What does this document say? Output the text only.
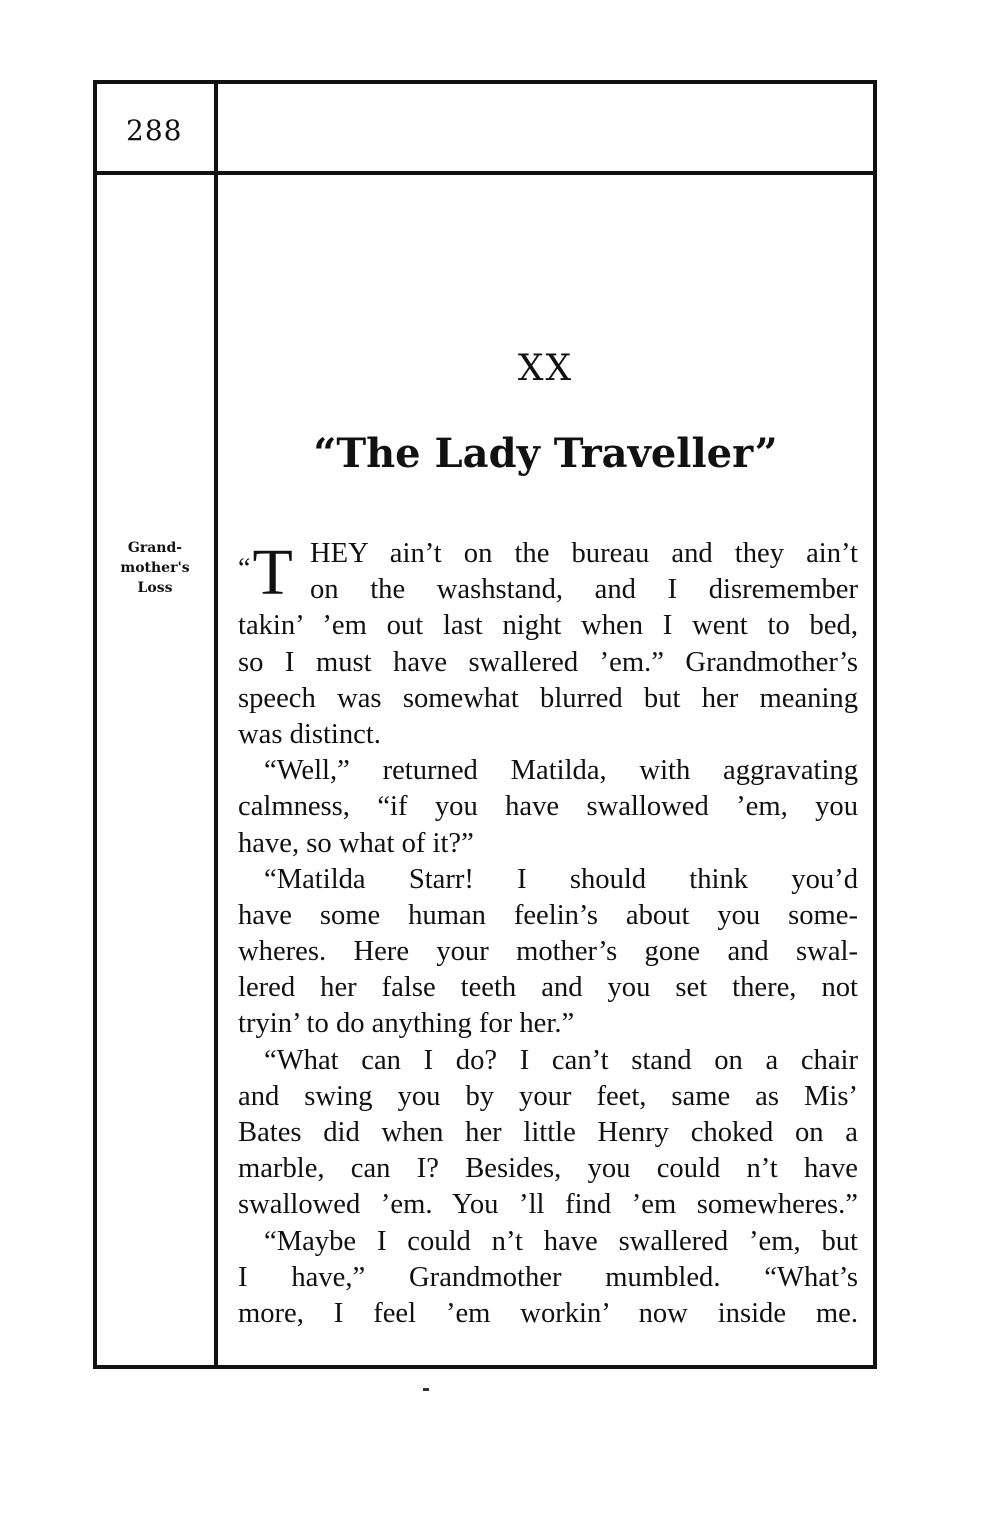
288
Grand-
mother's
Loss
XX
“The Lady Traveller”
“T HEY ain’t on the bureau and they ain’t
on the washstand, and I disremember
takin’ ’em out last night when I went to bed,
so I must have swallered ’em.” Grandmother’s
speech was somewhat blurred but her meaning
was distinct.
“Well,” returned Matilda, with aggravating
calmness, “if you have swallowed ’em, you
have, so what of it?”
“Matilda Starr! I should think you’d
have some human feelin’s about you some-
wheres. Here your mother’s gone and swal-
lered her false teeth and you set there, not
tryin’ to do anything for her.”
“What can I do? I can’t stand on a chair
and swing you by your feet, same as Mis’
Bates did when her little Henry choked on a
marble, can I? Besides, you could n’t have
swallowed ’em. You ’ll find ’em somewheres.”
“Maybe I could n’t have swallered ’em, but
I have,” Grandmother mumbled. “What’s
more, I feel ’em workin’ now inside me.
